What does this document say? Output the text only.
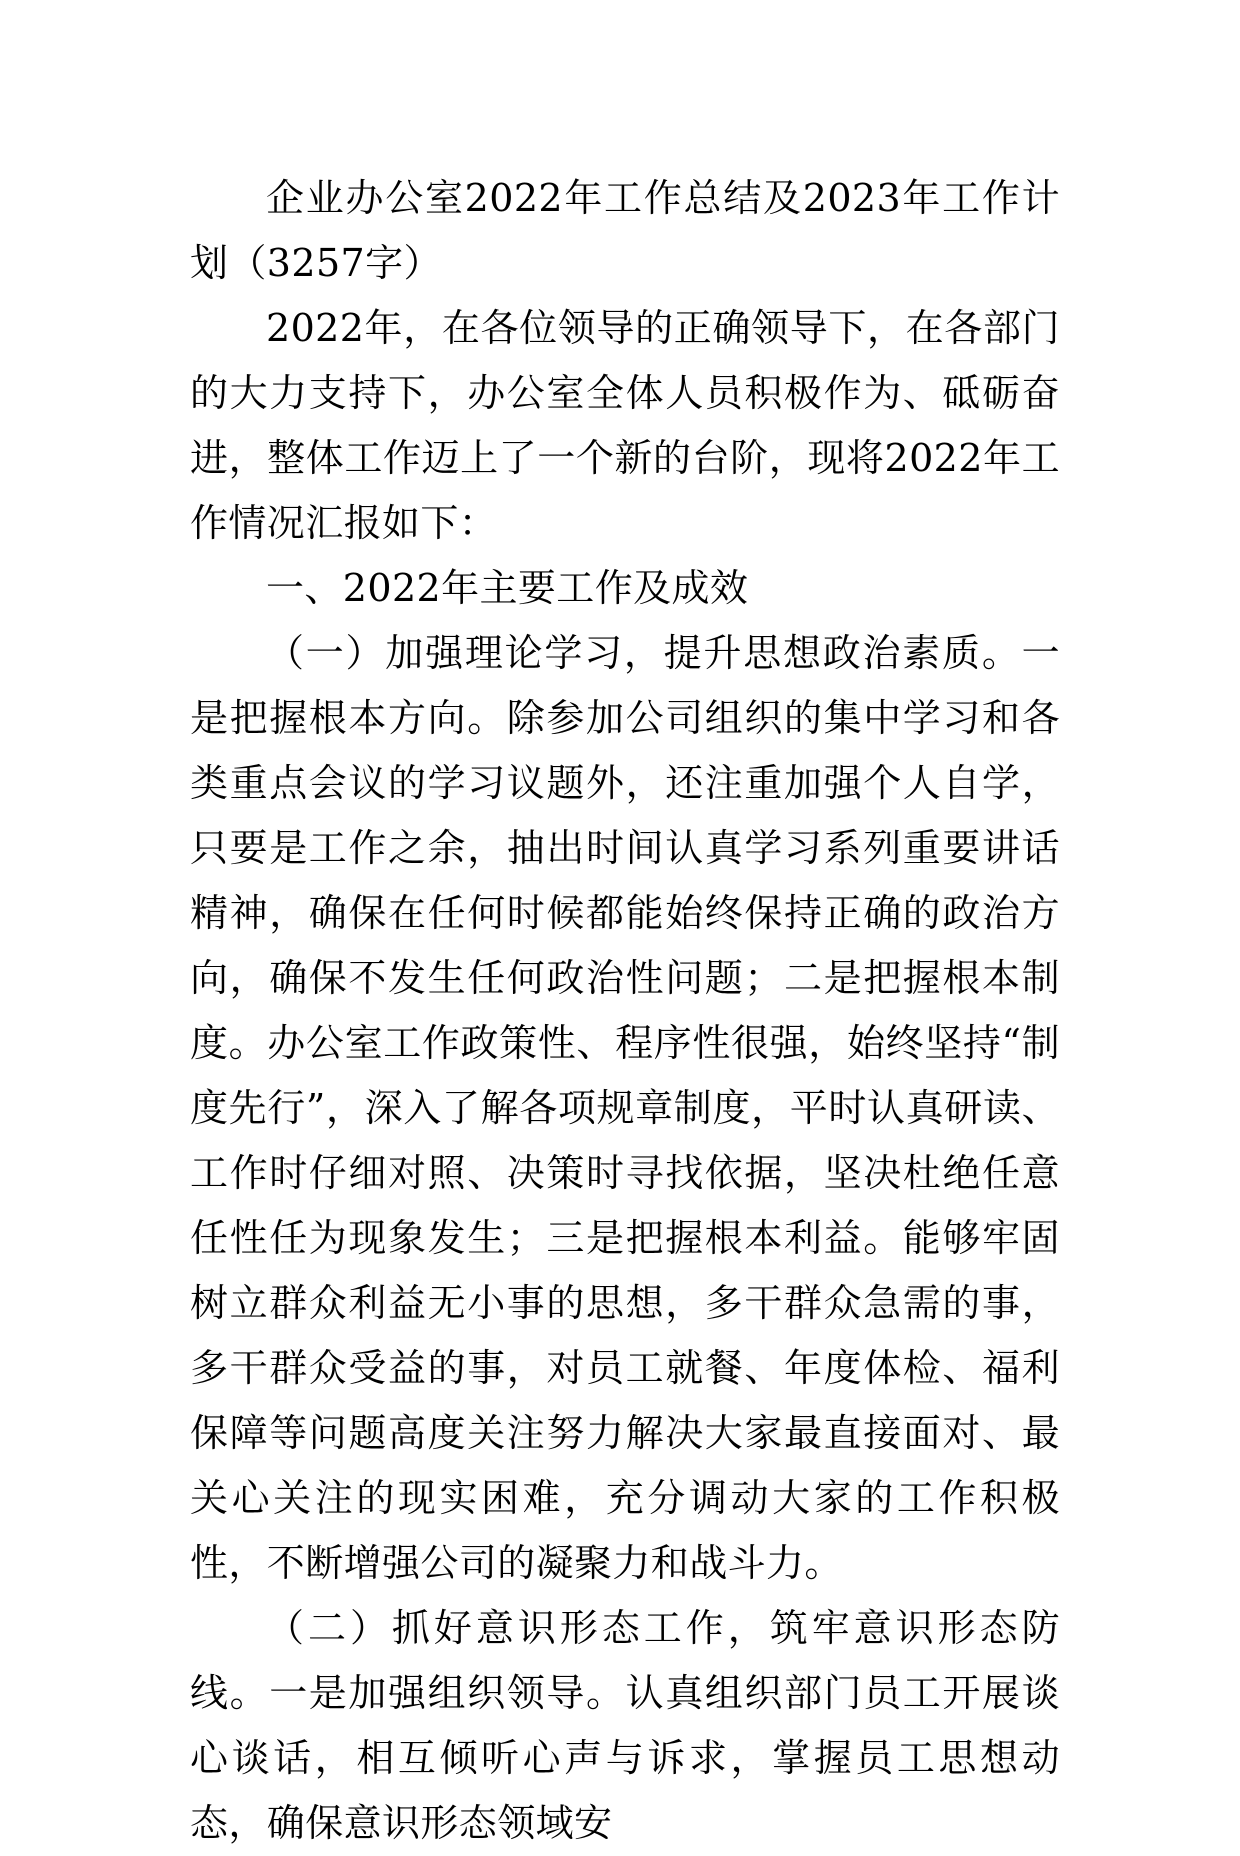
企业办公室2022年工作总结及2023年工作计划（3257字）

2022年，在各位领导的正确领导下，在各部门的大力支持下，办公室全体人员积极作为、砥砺奋进，整体工作迈上了一个新的台阶，现将2022年工作情况汇报如下：

一、2022年主要工作及成效

（一）加强理论学习，提升思想政治素质。一是把握根本方向。除参加公司组织的集中学习和各类重点会议的学习议题外，还注重加强个人自学，只要是工作之余，抽出时间认真学习系列重要讲话精神，确保在任何时候都能始终保持正确的政治方向，确保不发生任何政治性问题；二是把握根本制度。办公室工作政策性、程序性很强，始终坚持“制度先行”，深入了解各项规章制度，平时认真研读、工作时仔细对照、决策时寻找依据，坚决杜绝任意任性任为现象发生；三是把握根本利益。能够牢固树立群众利益无小事的思想，多干群众急需的事，多干群众受益的事，对员工就餐、年度体检、福利保障等问题高度关注努力解决大家最直接面对、最关心关注的现实困难，充分调动大家的工作积极性，不断增强公司的凝聚力和战斗力。

（二）抓好意识形态工作，筑牢意识形态防线。一是加强组织领导。认真组织部门员工开展谈心谈话，相互倾听心声与诉求，掌握员工思想动态，确保意识形态领域安
